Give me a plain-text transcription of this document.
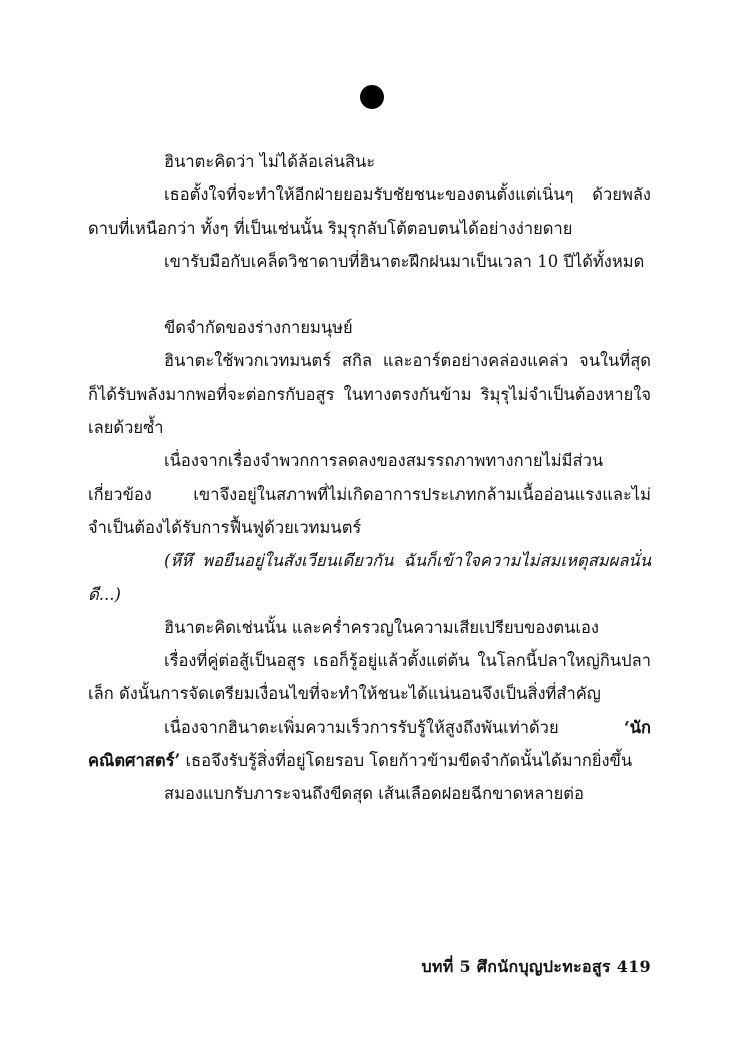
ฮินาตะคิดว่า ไม่ได้ล้อเล่นสินะ

เธอตั้งใจที่จะทำให้อีกฝ่ายยอมรับชัยชนะของตนตั้งแต่เนิ่นๆ ด้วยพลังดาบที่เหนือกว่า ทั้งๆ ที่เป็นเช่นนั้น ริมุรุกลับโต้ตอบตนได้อย่างง่ายดาย

เขารับมือกับเคล็ดวิชาดาบที่ฮินาตะฝึกฝนมาเป็นเวลา 10 ปีได้ทั้งหมด

ขีดจำกัดของร่างกายมนุษย์

ฮินาตะใช้พวกเวทมนตร์ สกิล และอาร์ตอย่างคล่องแคล่ว จนในที่สุดก็ได้รับพลังมากพอที่จะต่อกรกับอสูร ในทางตรงกันข้าม ริมุรุไม่จำเป็นต้องหายใจเลยด้วยซ้ำ

เนื่องจากเรื่องจำพวกการลดลงของสมรรถภาพทางกายไม่มีส่วนเกี่ยวข้อง เขาจึงอยู่ในสภาพที่ไม่เกิดอาการประเภทกล้ามเนื้ออ่อนแรงและไม่จำเป็นต้องได้รับการฟื้นฟูด้วยเวทมนตร์

(หึหึ พอยืนอยู่ในสังเวียนเดียวกัน ฉันก็เข้าใจความไม่สมเหตุสมผลนั่นดี...)

ฮินาตะคิดเช่นนั้น และคร่ำครวญในความเสียเปรียบของตนเอง

เรื่องที่คู่ต่อสู้เป็นอสูร เธอก็รู้อยู่แล้วตั้งแต่ต้น ในโลกนี้ปลาใหญ่กินปลาเล็ก ดังนั้นการจัดเตรียมเงื่อนไขที่จะทำให้ชนะได้แน่นอนจึงเป็นสิ่งที่สำคัญ

เนื่องจากฮินาตะเพิ่มความเร็วการรับรู้ให้สูงถึงพันเท่าด้วย ‘นักคณิตศาสตร์’ เธอจึงรับรู้สิ่งที่อยู่โดยรอบ โดยก้าวข้ามขีดจำกัดนั้นได้มากยิ่งขึ้น

สมองแบกรับภาระจนถึงขีดสุด เส้นเลือดฝอยฉีกขาดหลายต่อ

บทที่ 5 ศึกนักบุญปะทะอสูร 419
